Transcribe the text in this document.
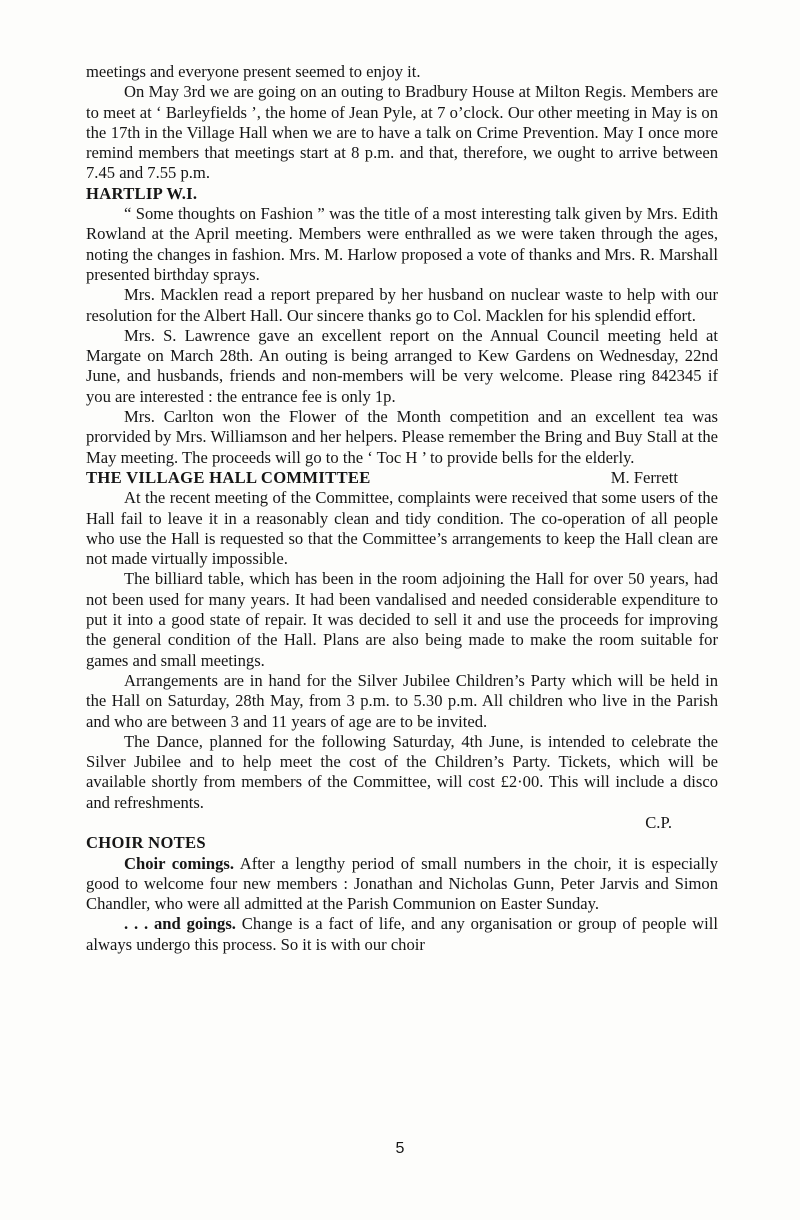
meetings and everyone present seemed to enjoy it.

On May 3rd we are going on an outing to Bradbury House at Milton Regis. Members are to meet at ‘ Barleyfields ’, the home of Jean Pyle, at 7 o’clock. Our other meeting in May is on the 17th in the Village Hall when we are to have a talk on Crime Prevention. May I once more remind members that meetings start at 8 p.m. and that, therefore, we ought to arrive between 7.45 and 7.55 p.m.

HARTLIP W.I.

“ Some thoughts on Fashion ” was the title of a most interesting talk given by Mrs. Edith Rowland at the April meeting. Members were enthralled as we were taken through the ages, noting the changes in fashion. Mrs. M. Harlow proposed a vote of thanks and Mrs. R. Marshall presented birthday sprays.

Mrs. Macklen read a report prepared by her husband on nuclear waste to help with our resolution for the Albert Hall. Our sincere thanks go to Col. Macklen for his splendid effort.

Mrs. S. Lawrence gave an excellent report on the Annual Council meeting held at Margate on March 28th. An outing is being arranged to Kew Gardens on Wednesday, 22nd June, and husbands, friends and non-members will be very welcome. Please ring 842345 if you are interested : the entrance fee is only 1p.

Mrs. Carlton won the Flower of the Month competition and an excellent tea was prorvided by Mrs. Williamson and her helpers. Please remember the Bring and Buy Stall at the May meeting. The proceeds will go to the ‘ Toc H ’ to provide bells for the elderly.
M. Ferrett

THE VILLAGE HALL COMMITTEE

At the recent meeting of the Committee, complaints were received that some users of the Hall fail to leave it in a reasonably clean and tidy condition. The co-operation of all people who use the Hall is requested so that the Committee’s arrangements to keep the Hall clean are not made virtually impossible.

The billiard table, which has been in the room adjoining the Hall for over 50 years, had not been used for many years. It had been vandalised and needed considerable expenditure to put it into a good state of repair. It was decided to sell it and use the proceeds for improving the general condition of the Hall. Plans are also being made to make the room suitable for games and small meetings.

Arrangements are in hand for the Silver Jubilee Children’s Party which will be held in the Hall on Saturday, 28th May, from 3 p.m. to 5.30 p.m. All children who live in the Parish and who are between 3 and 11 years of age are to be invited.

The Dance, planned for the following Saturday, 4th June, is intended to celebrate the Silver Jubilee and to help meet the cost of the Children’s Party. Tickets, which will be available shortly from members of the Committee, will cost £2·00. This will include a disco and refreshments.

C.P.
CHOIR NOTES

Choir comings. After a lengthy period of small numbers in the choir, it is especially good to welcome four new members : Jonathan and Nicholas Gunn, Peter Jarvis and Simon Chandler, who were all admitted at the Parish Communion on Easter Sunday.

. . . and goings. Change is a fact of life, and any organisation or group of people will always undergo this process. So it is with our choir

5
